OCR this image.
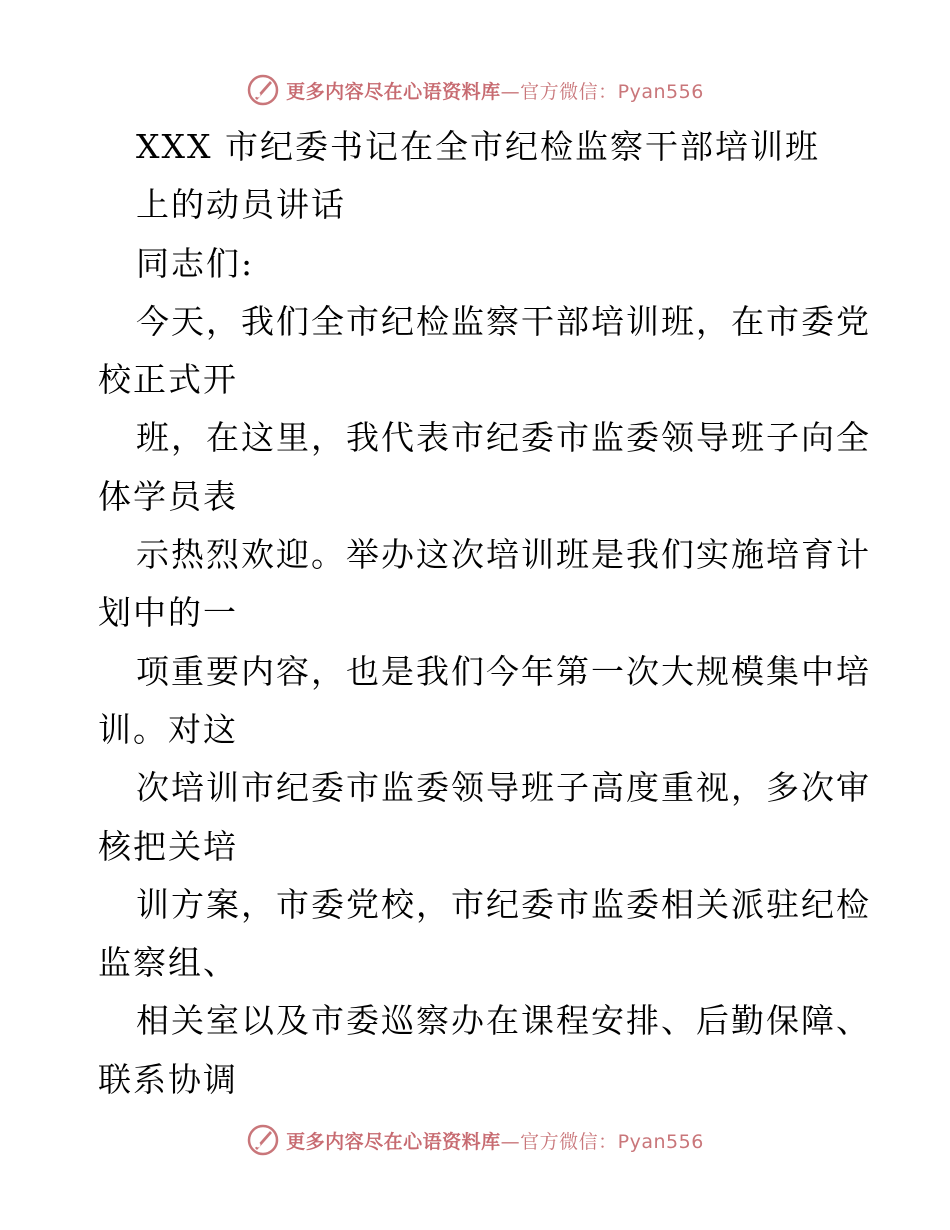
更多内容尽在心语资料库—官方微信：Pyan556
XXX 市纪委书记在全市纪检监察干部培训班
上的动员讲话
同志们:
今天，我们全市纪检监察干部培训班，在市委党
校正式开
班，在这里，我代表市纪委市监委领导班子向全
体学员表
示热烈欢迎。举办这次培训班是我们实施培育计
划中的一
项重要内容，也是我们今年第一次大规模集中培
训。对这
次培训市纪委市监委领导班子高度重视，多次审
核把关培
训方案，市委党校，市纪委市监委相关派驻纪检
监察组、
相关室以及市委巡察办在课程安排、后勤保障、
联系协调
更多内容尽在心语资料库—官方微信：Pyan556
